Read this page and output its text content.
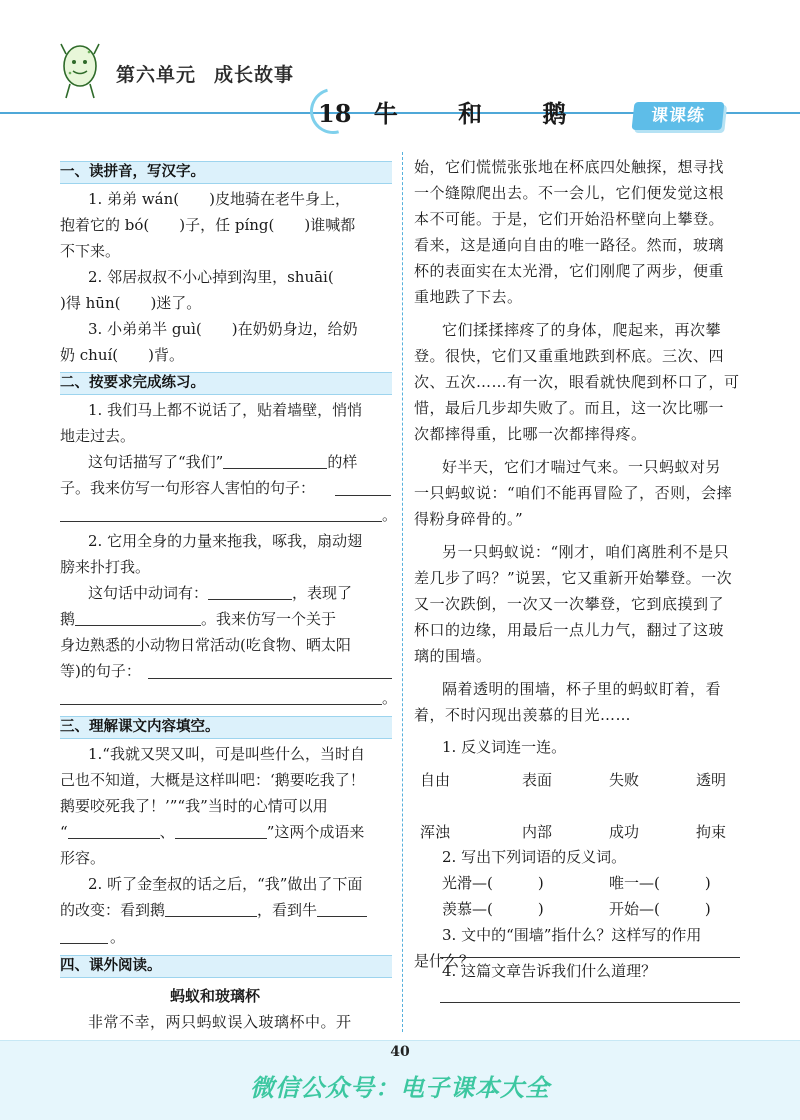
第六单元 成长故事
18 牛 和 鹅	课课练
一、读拼音，写汉字。
1. 弟弟 wán(　　)皮地骑在老牛身上，
抱着它的 bó(　　)子，任 píng(　　)谁喊都
不下来。
2. 邻居叔叔不小心掉到沟里，shuāi(
)得 hūn(　　)迷了。
3. 小弟弟半 guì(　　)在奶奶身边，给奶
奶 chuí(　　)背。
二、按要求完成练习。
1. 我们马上都不说话了，贴着墙壁，悄悄
地走过去。
这句话描写了“我们”	的样
子。我来仿写一句形容人害怕的句子：
。
2. 它用全身的力量来拖我，啄我，扇动翅
膀来扑打我。
这句话中动词有：	，表现了
鹅	。我来仿写一个关于
身边熟悉的小动物日常活动(吃食物、晒太阳
等)的句子：
。
三、理解课文内容填空。
1.“我就又哭又叫，可是叫些什么，当时自
己也不知道，大概是这样叫吧：‘鹅要吃我了！
鹅要咬死我了！’”“我”当时的心情可以用
“	、	”这两个成语来
形容。
2. 听了金奎叔的话之后，“我”做出了下面
的改变：看到鹅	，看到牛
。
四、课外阅读。
蚂蚁和玻璃杯
非常不幸，两只蚂蚁误入玻璃杯中。开
始，它们慌慌张张地在杯底四处触探，想寻找
一个缝隙爬出去。不一会儿，它们便发觉这根
本不可能。于是，它们开始沿杯壁向上攀登。
看来，这是通向自由的唯一路径。然而，玻璃
杯的表面实在太光滑，它们刚爬了两步，便重
重地跌了下去。
它们揉揉摔疼了的身体，爬起来，再次攀
登。很快，它们又重重地跌到杯底。三次、四
次、五次……有一次，眼看就快爬到杯口了，可
惜，最后几步却失败了。而且，这一次比哪一
次都摔得重，比哪一次都摔得疼。
好半天，它们才喘过气来。一只蚂蚁对另
一只蚂蚁说：“咱们不能再冒险了，否则，会摔
得粉身碎骨的。”
另一只蚂蚁说：“刚才，咱们离胜利不是只
差几步了吗？”说罢，它又重新开始攀登。一次
又一次跌倒，一次又一次攀登，它到底摸到了
杯口的边缘，用最后一点儿力气，翻过了这玻
璃的围墙。
隔着透明的围墙，杯子里的蚂蚁盯着，看
着，不时闪现出羡慕的目光……
1. 反义词连一连。
自由	表面	失败	透明
浑浊	内部	成功	拘束
2. 写出下列词语的反义词。
光滑—(　　　)	唯一—(　　　)
羡慕—(　　　)	开始—(　　　)
3. 文中的“围墙”指什么？这样写的作用
是什么？
4. 这篇文章告诉我们什么道理？
40
微信公众号：电子课本大全
